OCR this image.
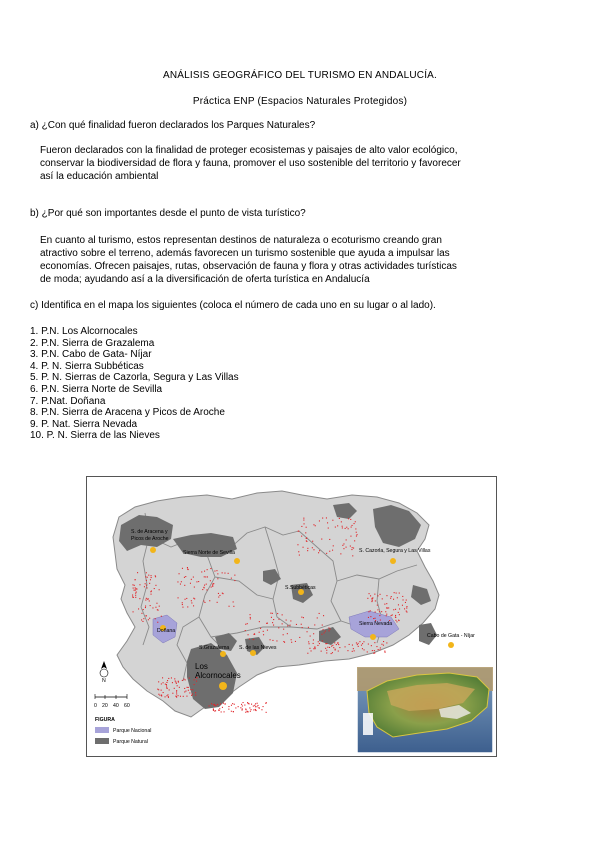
ANÁLISIS GEOGRÁFICO DEL TURISMO EN ANDALUCÍA.
Práctica ENP (Espacios Naturales Protegidos)
a) ¿Con qué finalidad fueron declarados los Parques Naturales?
Fueron declarados con la finalidad de proteger ecosistemas y paisajes de alto valor ecológico,
conservar la biodiversidad de flora y fauna, promover el uso sostenible del territorio y favorecer
así la educación ambiental
b) ¿Por qué son importantes desde el punto de vista turístico?
En cuanto al turismo, estos representan destinos de naturaleza o ecoturismo creando gran
atractivo sobre el terreno, además favorecen un turismo sostenible que ayuda a impulsar las
economías. Ofrecen paisajes, rutas, observación de fauna y flora y otras actividades turísticas
de moda; ayudando así a la diversificación de oferta turística en Andalucía
c) Identifica en el mapa los siguientes (coloca el número de cada uno en su lugar o al lado).
1. P.N. Los Alcornocales
2. P.N. Sierra de Grazalema
3. P.N. Cabo de Gata- Níjar
4. P. N. Sierra Subbéticas
5. P. N. Sierras de Cazorla, Segura y Las Villas
6. P.N. Sierra Norte de Sevilla
7. P.Nat. Doñana
8. P.N. Sierra de Aracena y Picos de Aroche
9. P. Nat. Sierra Nevada
10. P. N. Sierra de las Nieves
S. de Aracena y
Picos de Aroche
Sierra Norte de Sevilla	S. Cazorla, Segura y Las Villas
S.Subbéticas
Doñana
Sierra Nevada
Cabo de Gata - Níjar
S.Grazalema S. de las Nieves
Los
Alcornocales
N
0 20 40 60
FIGURA
Parque Nacional
Parque Natural
